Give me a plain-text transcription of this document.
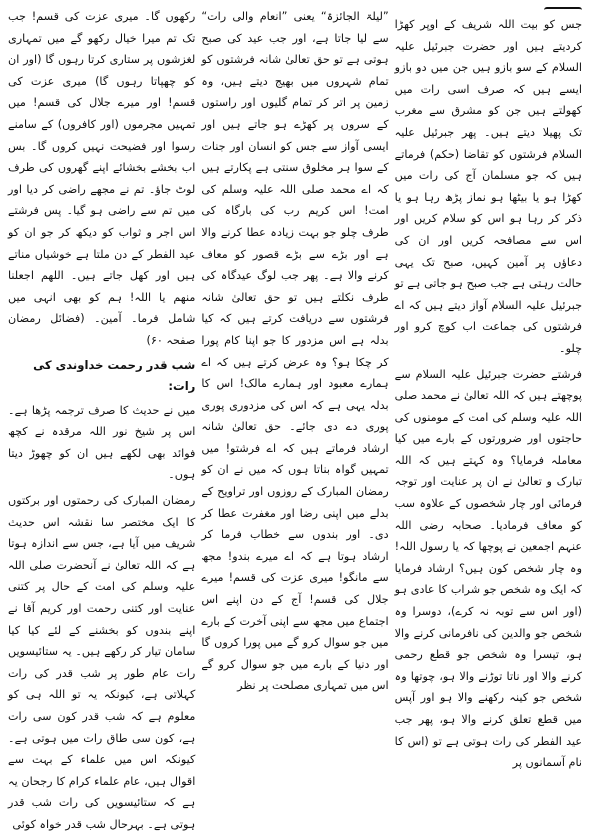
جس کو بیت اللہ شریف کے اوپر کھڑا کردیتے ہیں اور حضرت جبرئیل علیہ السلام کے سو بازو ہیں جن میں دو بازو ایسے ہیں کہ صرف اسی رات میں کھولتے ہیں جن کو مشرق سے مغرب تک پھیلا دیتے ہیں۔ پھر جبرئیل علیہ السلام فرشتوں کو تقاضا (حکم) فرماتے ہیں کہ جو مسلمان آج کی رات میں کھڑا ہو یا بیٹھا ہو نماز پڑھ رہا ہو یا ذکر کر رہا ہو اس کو سلام کریں اور اس سے مصافحہ کریں اور ان کی دعاؤں پر آمین کہیں، صبح تک یہی حالت رہتی ہے جب صبح ہو جاتی ہے تو جبرئیل علیہ السلام آواز دیتے ہیں کہ اے فرشتوں کی جماعت اب کوچ کرو اور چلو۔

فرشتے حضرت جبرئیل علیہ السلام سے پوچھتے ہیں کہ اللہ تعالیٰ نے محمد صلی اللہ علیہ وسلم کی امت کے مومنوں کی حاجتوں اور ضرورتوں کے بارے میں کیا معاملہ فرمایا؟ وہ کہتے ہیں کہ اللہ تبارک و تعالیٰ نے ان پر عنایت اور توجہ فرمائی اور چار شخصوں کے علاوہ سب کو معاف فرمادیا۔ صحابہ رضی اللہ عنہم اجمعین نے پوچھا کہ یا رسول اللہ! وہ چار شخص کون ہیں؟ ارشاد فرمایا کہ ایک وہ شخص جو شراب کا عادی ہو (اور اس سے توبہ نہ کرے)، دوسرا وہ شخص جو والدین کی نافرمانی کرنے والا ہو، تیسرا وہ شخص جو قطع رحمی کرنے والا اور ناتا توڑنے والا ہو، چوتھا وہ شخص جو کینہ رکھنے والا ہو اور آپس میں قطع تعلق کرنے والا ہو، پھر جب عید الفطر کی رات ہوتی ہے تو (اس کا نام آسمانوں پر

”لیلۃ الجائزۃ“ یعنی ”انعام والی رات“ سے لیا جاتا ہے، اور جب عید کی صبح ہوتی ہے تو حق تعالیٰ شانہ فرشتوں کو تمام شہروں میں بھیج دیتے ہیں، وہ زمین پر اتر کر تمام گلیوں اور راستوں کے سروں پر کھڑے ہو جاتے ہیں اور ایسی آواز سے جس کو انسان اور جنات کے سوا ہر مخلوق سنتی ہے پکارتے ہیں کہ اے محمد صلی اللہ علیہ وسلم کی امت! اس کریم رب کی بارگاہ کی طرف چلو جو بہت زیادہ عطا کرنے والا ہے اور بڑے سے بڑے قصور کو معاف کرنے والا ہے۔ پھر جب لوگ عیدگاہ کی طرف نکلتے ہیں تو حق تعالیٰ شانہ فرشتوں سے دریافت کرتے ہیں کہ کیا بدلہ ہے اس مزدور کا جو اپنا کام پورا کر چکا ہو؟ وہ عرض کرتے ہیں کہ اے ہمارے معبود اور ہمارے مالک! اس کا بدلہ یہی ہے کہ اس کی مزدوری پوری پوری دے دی جائے۔ حق تعالیٰ شانہ ارشاد فرماتے ہیں کہ اے فرشتو! میں تمہیں گواہ بناتا ہوں کہ میں نے ان کو رمضان المبارک کے روزوں اور تراویح کے بدلے میں اپنی رضا اور مغفرت عطا کر دی۔ اور بندوں سے خطاب فرما کر ارشاد ہوتا ہے کہ اے میرے بندو! مجھ سے مانگو! میری عزت کی قسم! میرے جلال کی قسم! آج کے دن اپنے اس اجتماع میں مجھ سے اپنی آخرت کے بارے میں جو سوال کرو گے میں پورا کروں گا اور دنیا کے بارے میں جو سوال کرو گے اس میں تمہاری مصلحت پر نظر

رکھوں گا۔ میری عزت کی قسم! جب تک تم میرا خیال رکھو گے میں تمہاری لغزشوں پر ستاری کرتا رہوں گا (اور ان کو چھپاتا رہوں گا) میری عزت کی قسم! اور میرے جلال کی قسم! میں تمہیں مجرموں (اور کافروں) کے سامنے رسوا اور فضیحت نہیں کروں گا۔ بس اب بخشے بخشائے اپنے گھروں کی طرف لوٹ جاؤ۔ تم نے مجھے راضی کر دیا اور میں تم سے راضی ہو گیا۔ پس فرشتے اس اجر و ثواب کو دیکھ کر جو ان کو عید الفطر کے دن ملتا ہے خوشیاں مناتے ہیں اور کھل جاتے ہیں۔ اللھم اجعلنا منھم یا اللہ! ہم کو بھی انہی میں شامل فرما۔ آمین۔ (فضائل رمضان صفحہ ۶۰)

شب قدر رحمت خداوندی کی رات:

میں نے حدیث کا صرف ترجمہ پڑھا ہے۔ اس پر شیخ نور اللہ مرقدہ نے کچھ فوائد بھی لکھے ہیں ان کو چھوڑ دیتا ہوں۔

رمضان المبارک کی رحمتوں اور برکتوں کا ایک مختصر سا نقشہ اس حدیث شریف میں آیا ہے، جس سے اندازہ ہوتا ہے کہ اللہ تعالیٰ نے آنحضرت صلی اللہ علیہ وسلم کی امت کے حال پر کتنی عنایت اور کتنی رحمت اور کریم آقا نے اپنے بندوں کو بخشنے کے لئے کیا کیا سامان تیار کر رکھے ہیں۔ یہ ستائیسویں رات عام طور پر شب قدر کی رات کہلاتی ہے، کیونکہ یہ تو اللہ ہی کو معلوم ہے کہ شب قدر کون سی رات ہے، کون سی طاق رات میں ہوتی ہے۔ کیونکہ اس میں علماء کے بہت سے اقوال ہیں، عام علماء کرام کا رجحان یہ ہے کہ ستائیسویں کی رات شب قدر ہوتی ہے۔ بہرحال شب قدر خواہ کوئی
